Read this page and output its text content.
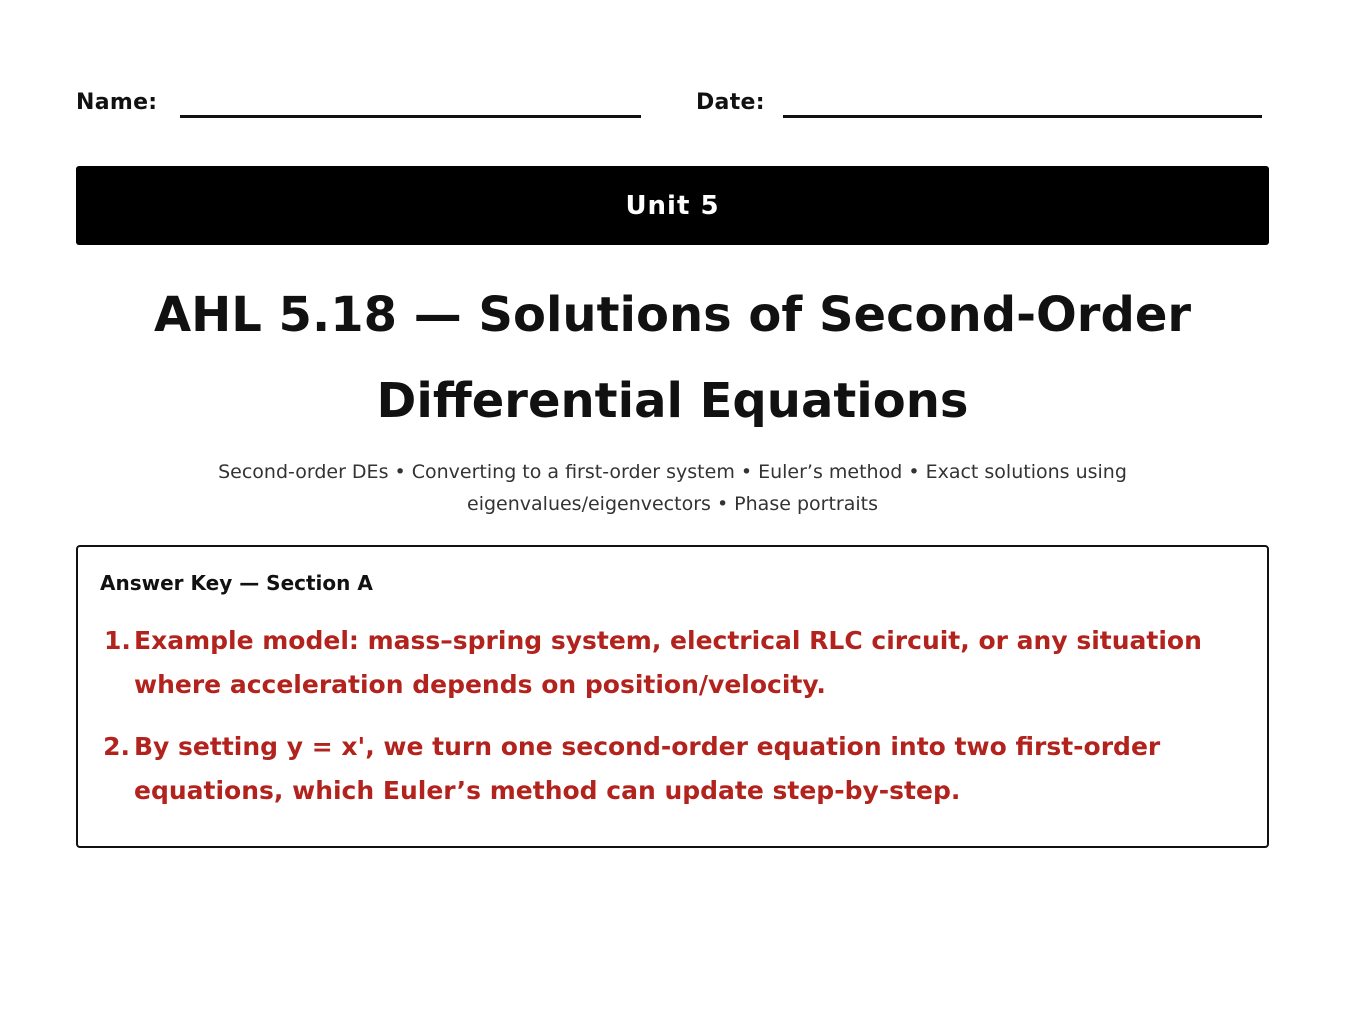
Name:	Date:
Unit 5
AHL 5.18 — Solutions of Second-Order
Differential Equations

Second-order DEs • Converting to a first-order system • Euler’s method • Exact solutions using eigenvalues/eigenvectors • Phase portraits

Answer Key — Section A
1. Example model: mass–spring system, electrical RLC circuit, or any situation where acceleration depends on position/velocity.
2. By setting y = x', we turn one second-order equation into two first-order equations, which Euler’s method can update step-by-step.
